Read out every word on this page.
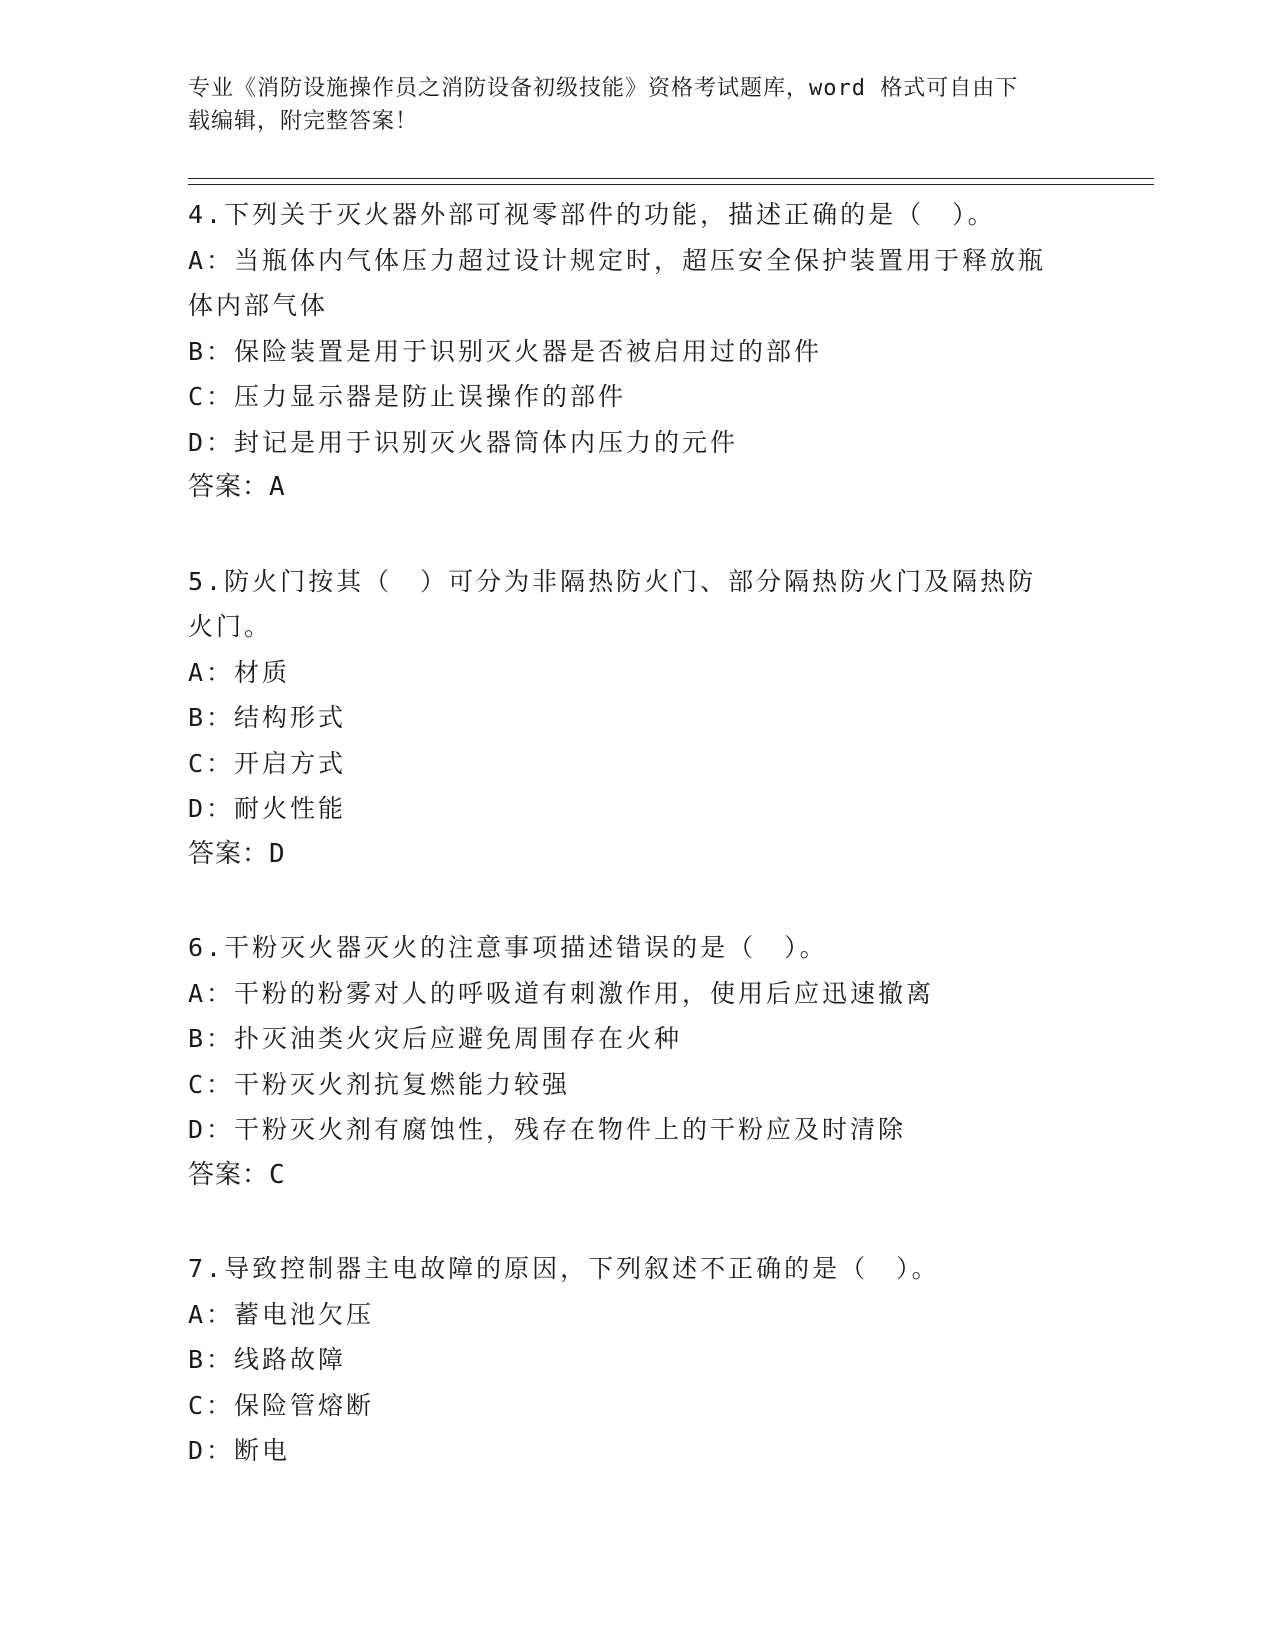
专业《消防设施操作员之消防设备初级技能》资格考试题库，word 格式可自由下
载编辑，附完整答案！
4.下列关于灭火器外部可视零部件的功能，描述正确的是（　）。
A：当瓶体内气体压力超过设计规定时，超压安全保护装置用于释放瓶
体内部气体
B：保险装置是用于识别灭火器是否被启用过的部件
C：压力显示器是防止误操作的部件
D：封记是用于识别灭火器筒体内压力的元件
答案：A
5.防火门按其（　）可分为非隔热防火门、部分隔热防火门及隔热防
火门。
A：材质
B：结构形式
C：开启方式
D：耐火性能
答案：D
6.干粉灭火器灭火的注意事项描述错误的是（　）。
A：干粉的粉雾对人的呼吸道有刺激作用，使用后应迅速撤离
B：扑灭油类火灾后应避免周围存在火种
C：干粉灭火剂抗复燃能力较强
D：干粉灭火剂有腐蚀性，残存在物件上的干粉应及时清除
答案：C
7.导致控制器主电故障的原因，下列叙述不正确的是（　）。
A：蓄电池欠压
B：线路故障
C：保险管熔断
D：断电
